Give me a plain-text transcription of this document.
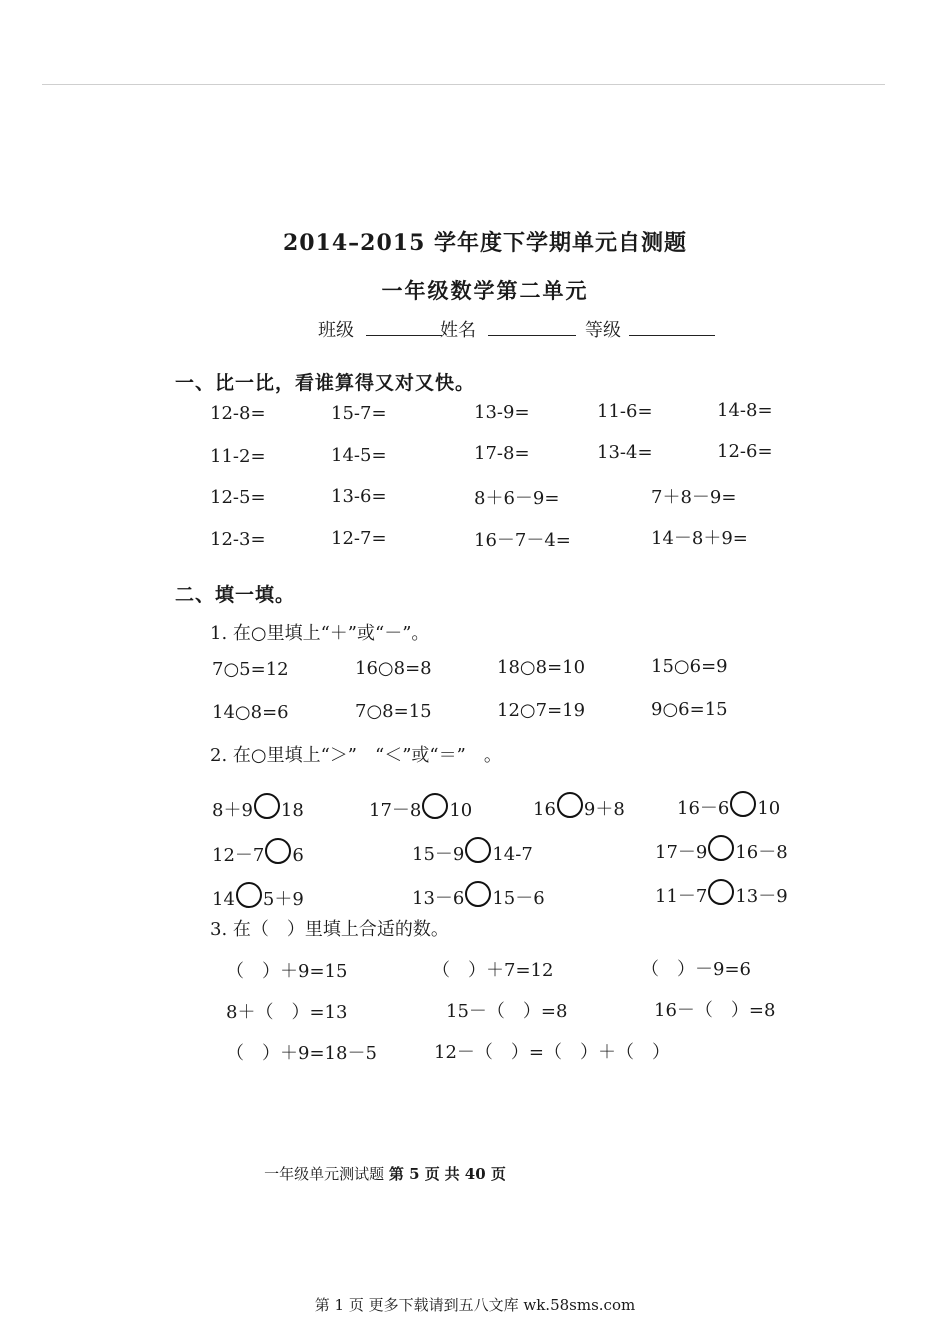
2014–2015 学年度下学期单元自测题
一年级数学第二单元
班级	姓名	等级
一、比一比，看谁算得又对又快。
12-8=	15-7=	13-9=	11-6=	14-8=
11-2=	14-5=	17-8=	13-4=	12-6=
12-5=	13-6=	8＋6－9=	7＋8－9=
12-3=	12-7=	16－7－4=	14－8＋9=
二、填一填。
1. 在○里填上“＋”或“－”。
7○5=12	16○8=8	18○8=10	15○6=9
14○8=6	7○8=15	12○7=19	9○6=15
2. 在○里填上“＞”　“＜”或“＝”　。
8＋9 18	17－8 10	16 9＋8	16－6 10
12－7 6	15－9 14-7	17－9 16－8
14 5＋9	13－6 15－6	11－7 13－9
3. 在（　）里填上合适的数。
（　）＋9=15	（　）＋7=12	（　）－9=6
8＋（　）=13	15－（　）=8	16－（　）=8
（　）＋9=18－5	12－（　）=（　）＋（　）
一年级单元测试题 第 5 页 共 40 页
第 1 页 更多下载请到五八文库 wk.58sms.com
